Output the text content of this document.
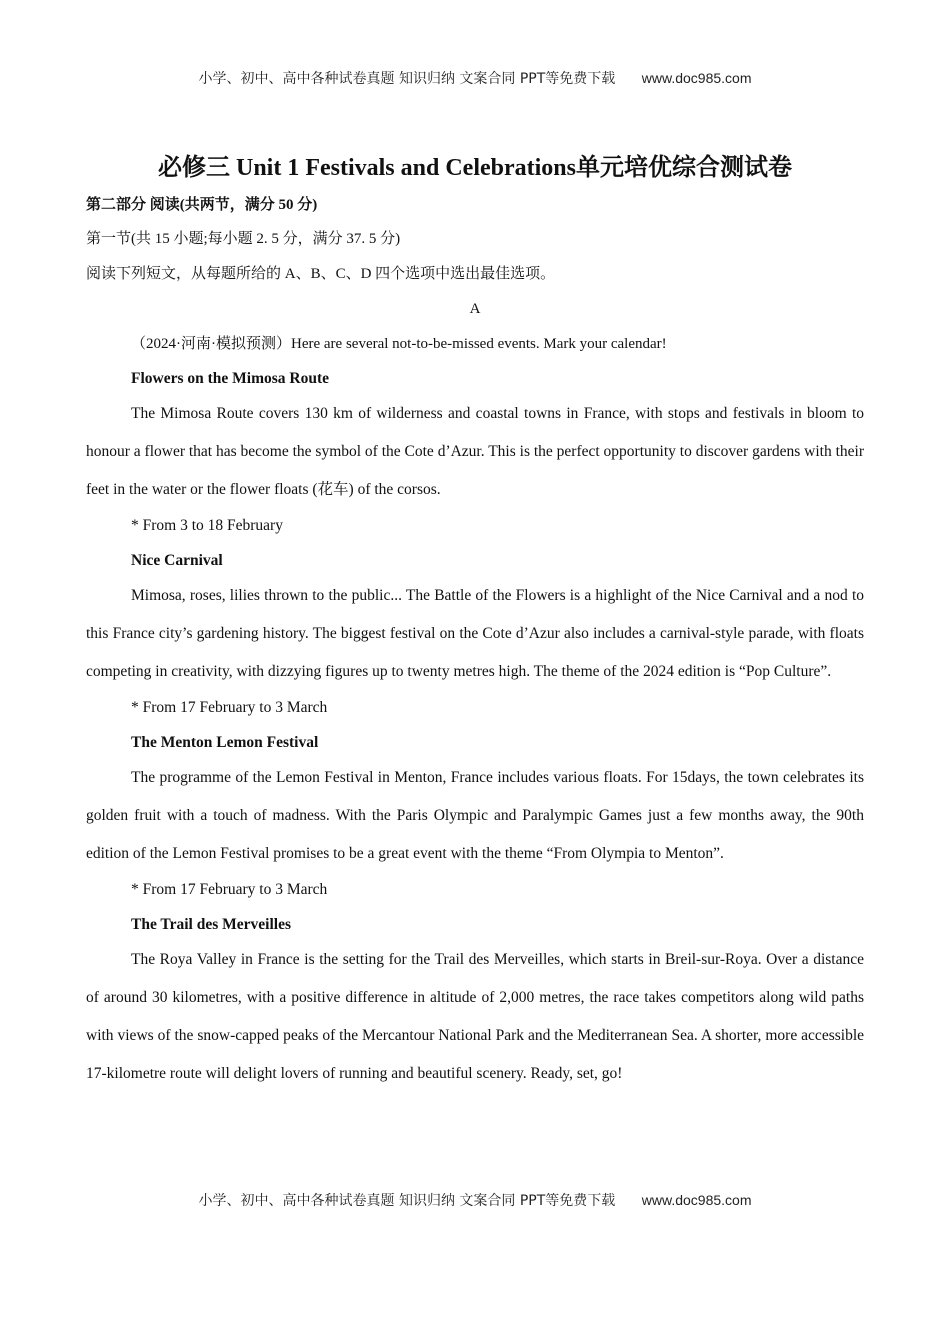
小学、初中、高中各种试卷真题 知识归纳 文案合同 PPT等免费下载 www.doc985.com
必修三 Unit 1 Festivals and Celebrations单元培优综合测试卷
第二部分 阅读(共两节，满分 50 分)
第一节(共 15 小题;每小题 2. 5 分，满分 37. 5 分)
阅读下列短文，从每题所给的 A、B、C、D 四个选项中选出最佳选项。
A
（2024·河南·模拟预测）Here are several not-to-be-missed events. Mark your calendar!
Flowers on the Mimosa Route
The Mimosa Route covers 130 km of wilderness and coastal towns in France, with stops and festivals in bloom to honour a flower that has become the symbol of the Cote d’Azur. This is the perfect opportunity to discover gardens with their feet in the water or the flower floats (花车) of the corsos.
* From 3 to 18 February
Nice Carnival
Mimosa, roses, lilies thrown to the public... The Battle of the Flowers is a highlight of the Nice Carnival and a nod to this France city’s gardening history. The biggest festival on the Cote d’Azur also includes a carnival-style parade, with floats competing in creativity, with dizzying figures up to twenty metres high. The theme of the 2024 edition is “Pop Culture”.
* From 17 February to 3 March
The Menton Lemon Festival
The programme of the Lemon Festival in Menton, France includes various floats. For 15days, the town celebrates its golden fruit with a touch of madness. With the Paris Olympic and Paralympic Games just a few months away, the 90th edition of the Lemon Festival promises to be a great event with the theme “From Olympia to Menton”.
* From 17 February to 3 March
The Trail des Merveilles
The Roya Valley in France is the setting for the Trail des Merveilles, which starts in Breil-sur-Roya. Over a distance of around 30 kilometres, with a positive difference in altitude of 2,000 metres, the race takes competitors along wild paths with views of the snow-capped peaks of the Mercantour National Park and the Mediterranean Sea. A shorter, more accessible 17-kilometre route will delight lovers of running and beautiful scenery. Ready, set, go!
小学、初中、高中各种试卷真题 知识归纳 文案合同 PPT等免费下载 www.doc985.com
